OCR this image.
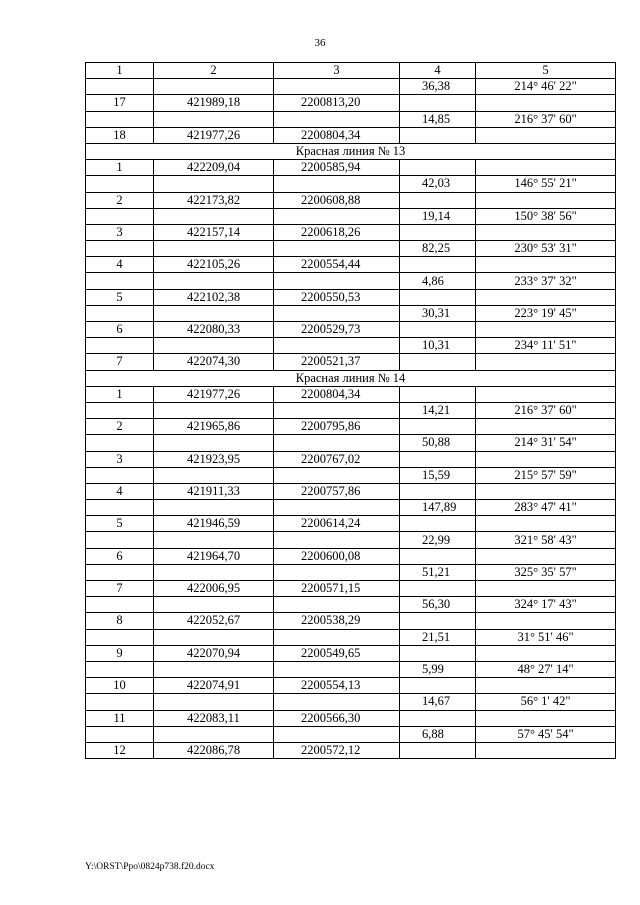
36
1	2	3	4	5
			36,38	214° 46' 22"
17	421989,18	2200813,20		
			14,85	216° 37' 60"
18	421977,26	2200804,34		
Красная линия № 13				
1	422209,04	2200585,94		
			42,03	146° 55' 21"
2	422173,82	2200608,88		
			19,14	150° 38' 56"
3	422157,14	2200618,26		
			82,25	230° 53' 31"
4	422105,26	2200554,44		
			4,86	233° 37' 32"
5	422102,38	2200550,53		
			30,31	223° 19' 45"
6	422080,33	2200529,73		
			10,31	234° 11' 51"
7	422074,30	2200521,37		
Красная линия № 14				
1	421977,26	2200804,34		
			14,21	216° 37' 60"
2	421965,86	2200795,86		
			50,88	214° 31' 54"
3	421923,95	2200767,02		
			15,59	215° 57' 59"
4	421911,33	2200757,86		
			147,89	283° 47' 41"
5	421946,59	2200614,24		
			22,99	321° 58' 43"
6	421964,70	2200600,08		
			51,21	325° 35' 57"
7	422006,95	2200571,15		
			56,30	324° 17' 43"
8	422052,67	2200538,29		
			21,51	31° 51' 46"
9	422070,94	2200549,65		
			5,99	48° 27' 14"
10	422074,91	2200554,13		
			14,67	56° 1' 42"
11	422083,11	2200566,30		
			6,88	57° 45' 54"
12	422086,78	2200572,12		
Y:\ORST\Ppo\0824p738.f20.docx
